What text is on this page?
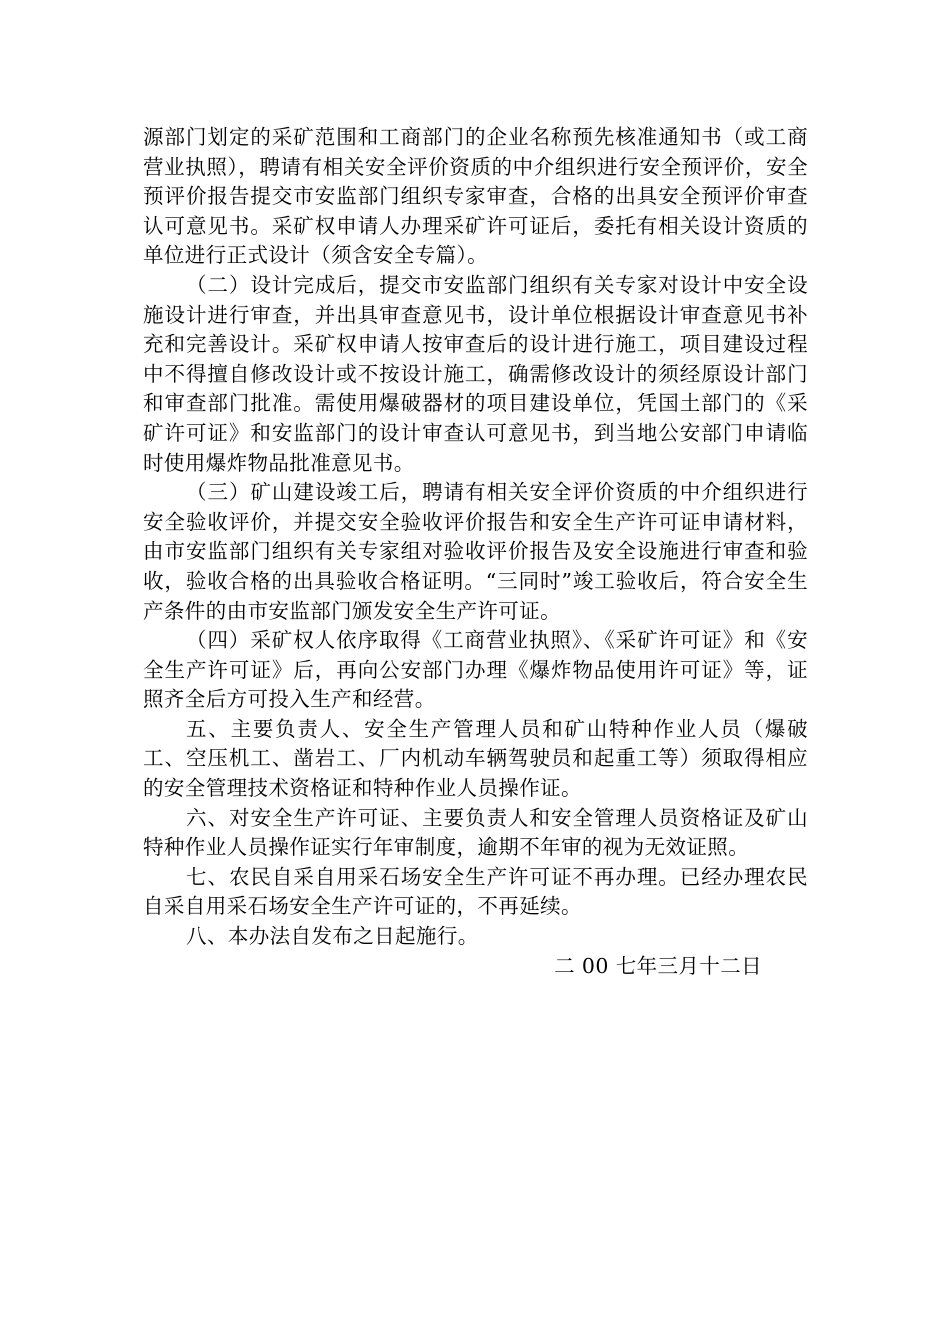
源部门划定的采矿范围和工商部门的企业名称预先核准通知书（或工商营业执照），聘请有相关安全评价资质的中介组织进行安全预评价，安全预评价报告提交市安监部门组织专家审查，合格的出具安全预评价审查认可意见书。采矿权申请人办理采矿许可证后，委托有相关设计资质的单位进行正式设计（须含安全专篇）。

（二）设计完成后，提交市安监部门组织有关专家对设计中安全设施设计进行审查，并出具审查意见书，设计单位根据设计审查意见书补充和完善设计。采矿权申请人按审查后的设计进行施工，项目建设过程中不得擅自修改设计或不按设计施工，确需修改设计的须经原设计部门和审查部门批准。需使用爆破器材的项目建设单位，凭国土部门的《采矿许可证》和安监部门的设计审查认可意见书，到当地公安部门申请临时使用爆炸物品批准意见书。

（三）矿山建设竣工后，聘请有相关安全评价资质的中介组织进行安全验收评价，并提交安全验收评价报告和安全生产许可证申请材料，由市安监部门组织有关专家组对验收评价报告及安全设施进行审查和验收，验收合格的出具验收合格证明。“三同时”竣工验收后，符合安全生产条件的由市安监部门颁发安全生产许可证。

（四）采矿权人依序取得《工商营业执照》、《采矿许可证》和《安全生产许可证》后，再向公安部门办理《爆炸物品使用许可证》等，证照齐全后方可投入生产和经营。

五、主要负责人、安全生产管理人员和矿山特种作业人员（爆破工、空压机工、凿岩工、厂内机动车辆驾驶员和起重工等）须取得相应的安全管理技术资格证和特种作业人员操作证。

六、对安全生产许可证、主要负责人和安全管理人员资格证及矿山特种作业人员操作证实行年审制度，逾期不年审的视为无效证照。

七、农民自采自用采石场安全生产许可证不再办理。已经办理农民自采自用采石场安全生产许可证的，不再延续。

八、本办法自发布之日起施行。

二 00 七年三月十二日
